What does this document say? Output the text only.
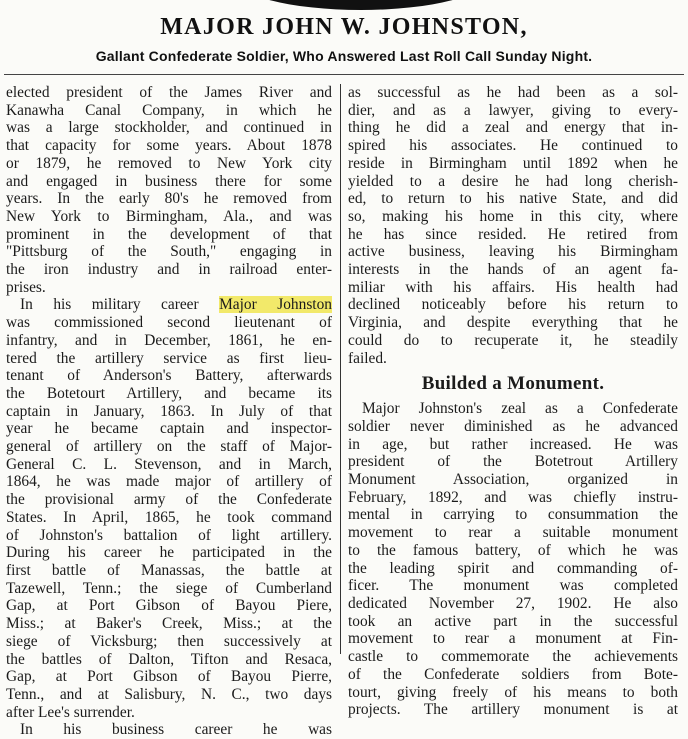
MAJOR JOHN W. JOHNSTON,
Gallant Confederate Soldier, Who Answered Last Roll Call Sunday Night.
elected president of the James River and
Kanawha Canal Company, in which he
was a large stockholder, and continued in
that capacity for some years. About 1878
or 1879, he removed to New York city
and engaged in business there for some
years. In the early 80's he removed from
New York to Birmingham, Ala., and was
prominent in the development of that
"Pittsburg of the South," engaging in
the iron industry and in railroad enter-
prises.
In his military career Major Johnston
was commissioned second lieutenant of
infantry, and in December, 1861, he en-
tered the artillery service as first lieu-
tenant of Anderson's Battery, afterwards
the Botetourt Artillery, and became its
captain in January, 1863. In July of that
year he became captain and inspector-
general of artillery on the staff of Major-
General C. L. Stevenson, and in March,
1864, he was made major of artillery of
the provisional army of the Confederate
States. In April, 1865, he took command
of Johnston's battalion of light artillery.
During his career he participated in the
first battle of Manassas, the battle at
Tazewell, Tenn.; the siege of Cumberland
Gap, at Port Gibson of Bayou Piere,
Miss.; at Baker's Creek, Miss.; at the
siege of Vicksburg; then successively at
the battles of Dalton, Tifton and Resaca,
Gap, at Port Gibson of Bayou Pierre,
Tenn., and at Salisbury, N. C., two days
after Lee's surrender.
In his business career he was
as successful as he had been as a sol-
dier, and as a lawyer, giving to every-
thing he did a zeal and energy that in-
spired his associates. He continued to
reside in Birmingham until 1892 when he
yielded to a desire he had long cherish-
ed, to return to his native State, and did
so, making his home in this city, where
he has since resided. He retired from
active business, leaving his Birmingham
interests in the hands of an agent fa-
miliar with his affairs. His health had
declined noticeably before his return to
Virginia, and despite everything that he
could do to recuperate it, he steadily
failed.
Builded a Monument.
Major Johnston's zeal as a Confederate
soldier never diminished as he advanced
in age, but rather increased. He was
president of the Botetrout Artillery
Monument Association, organized in
February, 1892, and was chiefly instru-
mental in carrying to consummation the
movement to rear a suitable monument
to the famous battery, of which he was
the leading spirit and commanding of-
ficer. The monument was completed
dedicated November 27, 1902. He also
took an active part in the successful
movement to rear a monument at Fin-
castle to commemorate the achievements
of the Confederate soldiers from Bote-
tourt, giving freely of his means to both
projects. The artillery monument is at
